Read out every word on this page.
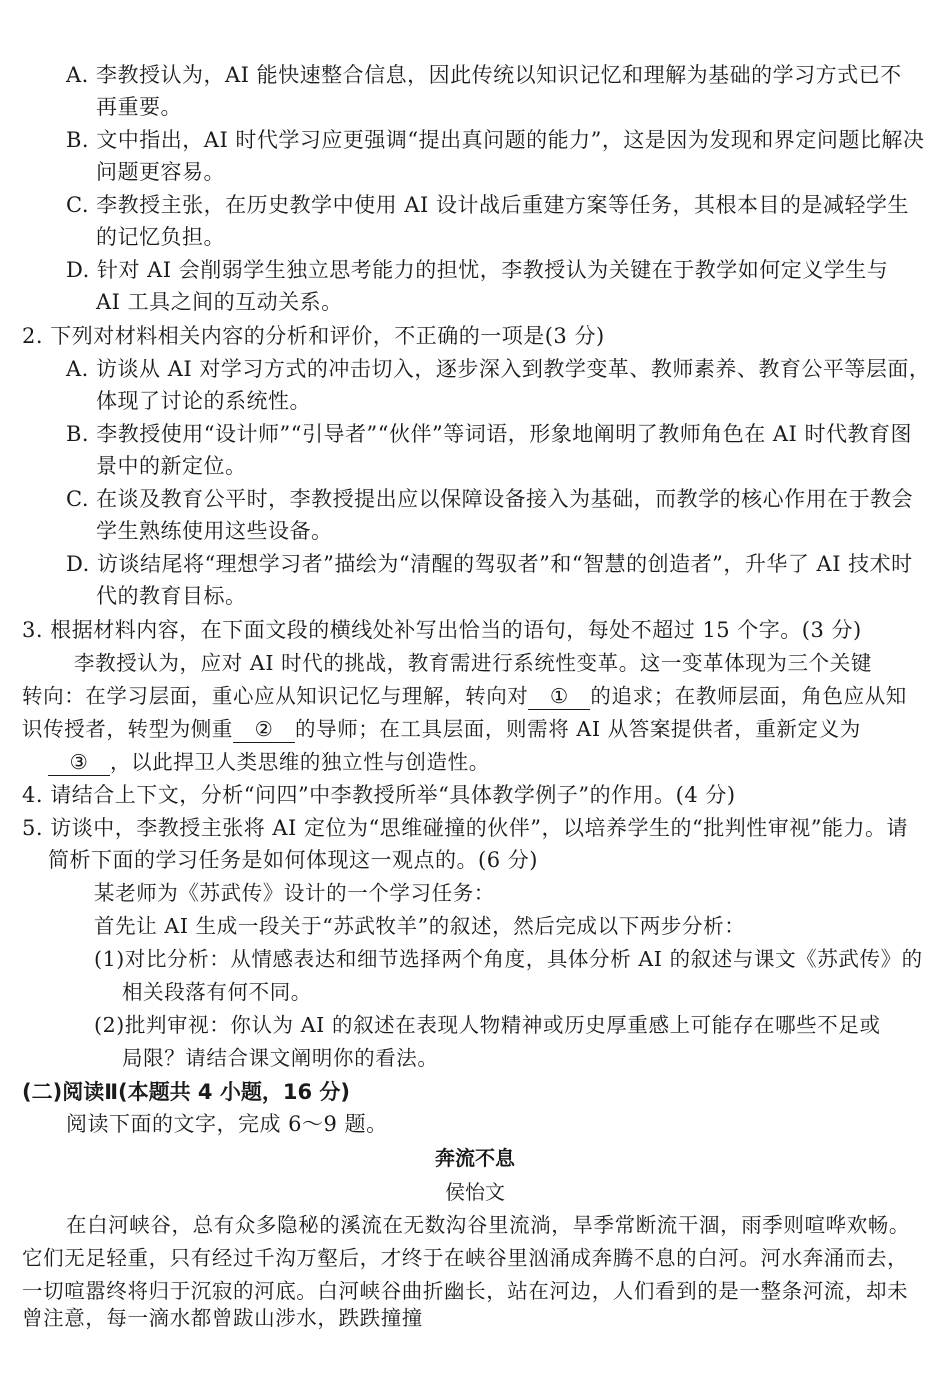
A. 李教授认为，AI 能快速整合信息，因此传统以知识记忆和理解为基础的学习方式已不
再重要。
B. 文中指出，AI 时代学习应更强调“提出真问题的能力”，这是因为发现和界定问题比解决
问题更容易。
C. 李教授主张，在历史教学中使用 AI 设计战后重建方案等任务，其根本目的是减轻学生
的记忆负担。
D. 针对 AI 会削弱学生独立思考能力的担忧，李教授认为关键在于教学如何定义学生与
AI 工具之间的互动关系。
2. 下列对材料相关内容的分析和评价，不正确的一项是(3 分)
A. 访谈从 AI 对学习方式的冲击切入，逐步深入到教学变革、教师素养、教育公平等层面，
体现了讨论的系统性。
B. 李教授使用“设计师”“引导者”“伙伴”等词语，形象地阐明了教师角色在 AI 时代教育图
景中的新定位。
C. 在谈及教育公平时，李教授提出应以保障设备接入为基础，而教学的核心作用在于教会
学生熟练使用这些设备。
D. 访谈结尾将“理想学习者”描绘为“清醒的驾驭者”和“智慧的创造者”，升华了 AI 技术时
代的教育目标。
3. 根据材料内容，在下面文段的横线处补写出恰当的语句，每处不超过 15 个字。(3 分)
李教授认为，应对 AI 时代的挑战，教育需进行系统性变革。这一变革体现为三个关键
转向：在学习层面，重心应从知识记忆与理解，转向对 ① 的追求；在教师层面，角色应从知
识传授者，转型为侧重 ② 的导师；在工具层面，则需将 AI 从答案提供者，重新定义为
③ ，以此捍卫人类思维的独立性与创造性。
4. 请结合上下文，分析“问四”中李教授所举“具体教学例子”的作用。(4 分)
5. 访谈中，李教授主张将 AI 定位为“思维碰撞的伙伴”，以培养学生的“批判性审视”能力。请
简析下面的学习任务是如何体现这一观点的。(6 分)
某老师为《苏武传》设计的一个学习任务：
首先让 AI 生成一段关于“苏武牧羊”的叙述，然后完成以下两步分析：
(1)对比分析：从情感表达和细节选择两个角度，具体分析 AI 的叙述与课文《苏武传》的
相关段落有何不同。
(2)批判审视：你认为 AI 的叙述在表现人物精神或历史厚重感上可能存在哪些不足或
局限？请结合课文阐明你的看法。
(二)阅读Ⅱ(本题共 4 小题，16 分)
阅读下面的文字，完成 6～9 题。
奔流不息
侯怡文
在白河峡谷，总有众多隐秘的溪流在无数沟谷里流淌，旱季常断流干涸，雨季则喧哗欢畅。
它们无足轻重，只有经过千沟万壑后，才终于在峡谷里汹涌成奔腾不息的白河。河水奔涌而去，
一切喧嚣终将归于沉寂的河底。白河峡谷曲折幽长，站在河边，人们看到的是一整条河流，却未
曾注意，每一滴水都曾跋山涉水，跌跌撞撞
